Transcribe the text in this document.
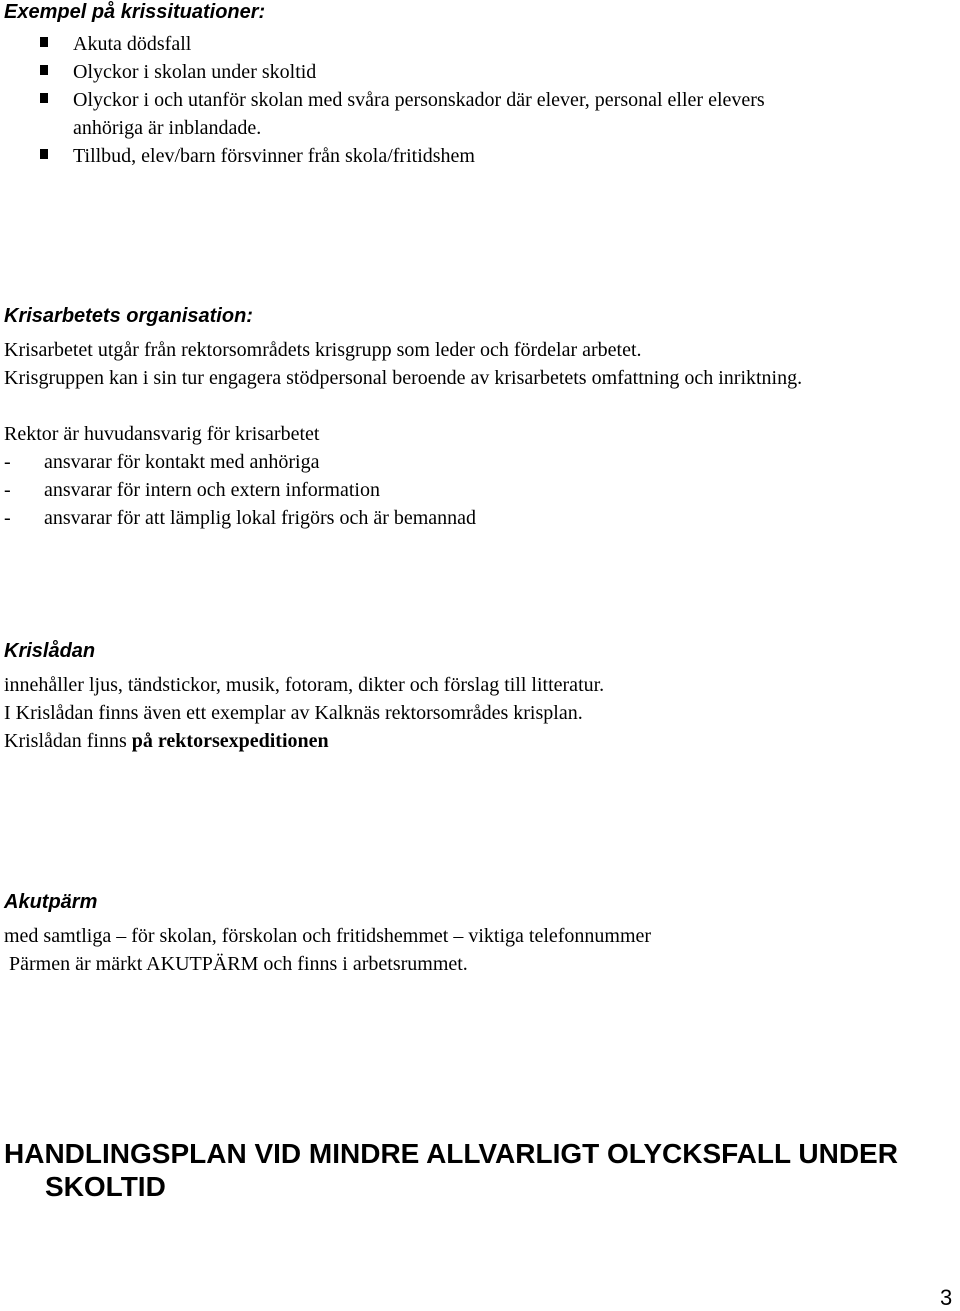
Exempel på krissituationer:
Akuta dödsfall
Olyckor i skolan under skoltid
Olyckor i och utanför skolan med svåra personskador där elever, personal eller elevers
anhöriga är inblandade.
Tillbud, elev/barn försvinner från skola/fritidshem
Krisarbetets organisation:
Krisarbetet utgår från rektorsområdets krisgrupp som leder och fördelar arbetet.
Krisgruppen kan i sin tur engagera stödpersonal beroende av krisarbetets omfattning och inriktning.
Rektor är huvudansvarig för krisarbetet
- ansvarar för kontakt med anhöriga
- ansvarar för intern och extern information
- ansvarar för att lämplig lokal frigörs och är bemannad
Krislådan
innehåller ljus, tändstickor, musik, fotoram, dikter och förslag till litteratur.
I Krislådan finns även ett exemplar av Kalknäs rektorsområdes krisplan.
Krislådan finns på rektorsexpeditionen
Akutpärm
med samtliga – för skolan, förskolan och fritidshemmet – viktiga telefonnummer
Pärmen är märkt AKUTPÄRM och finns i arbetsrummet.
HANDLINGSPLAN VID MINDRE ALLVARLIGT OLYCKSFALL UNDER
SKOLTID
3
